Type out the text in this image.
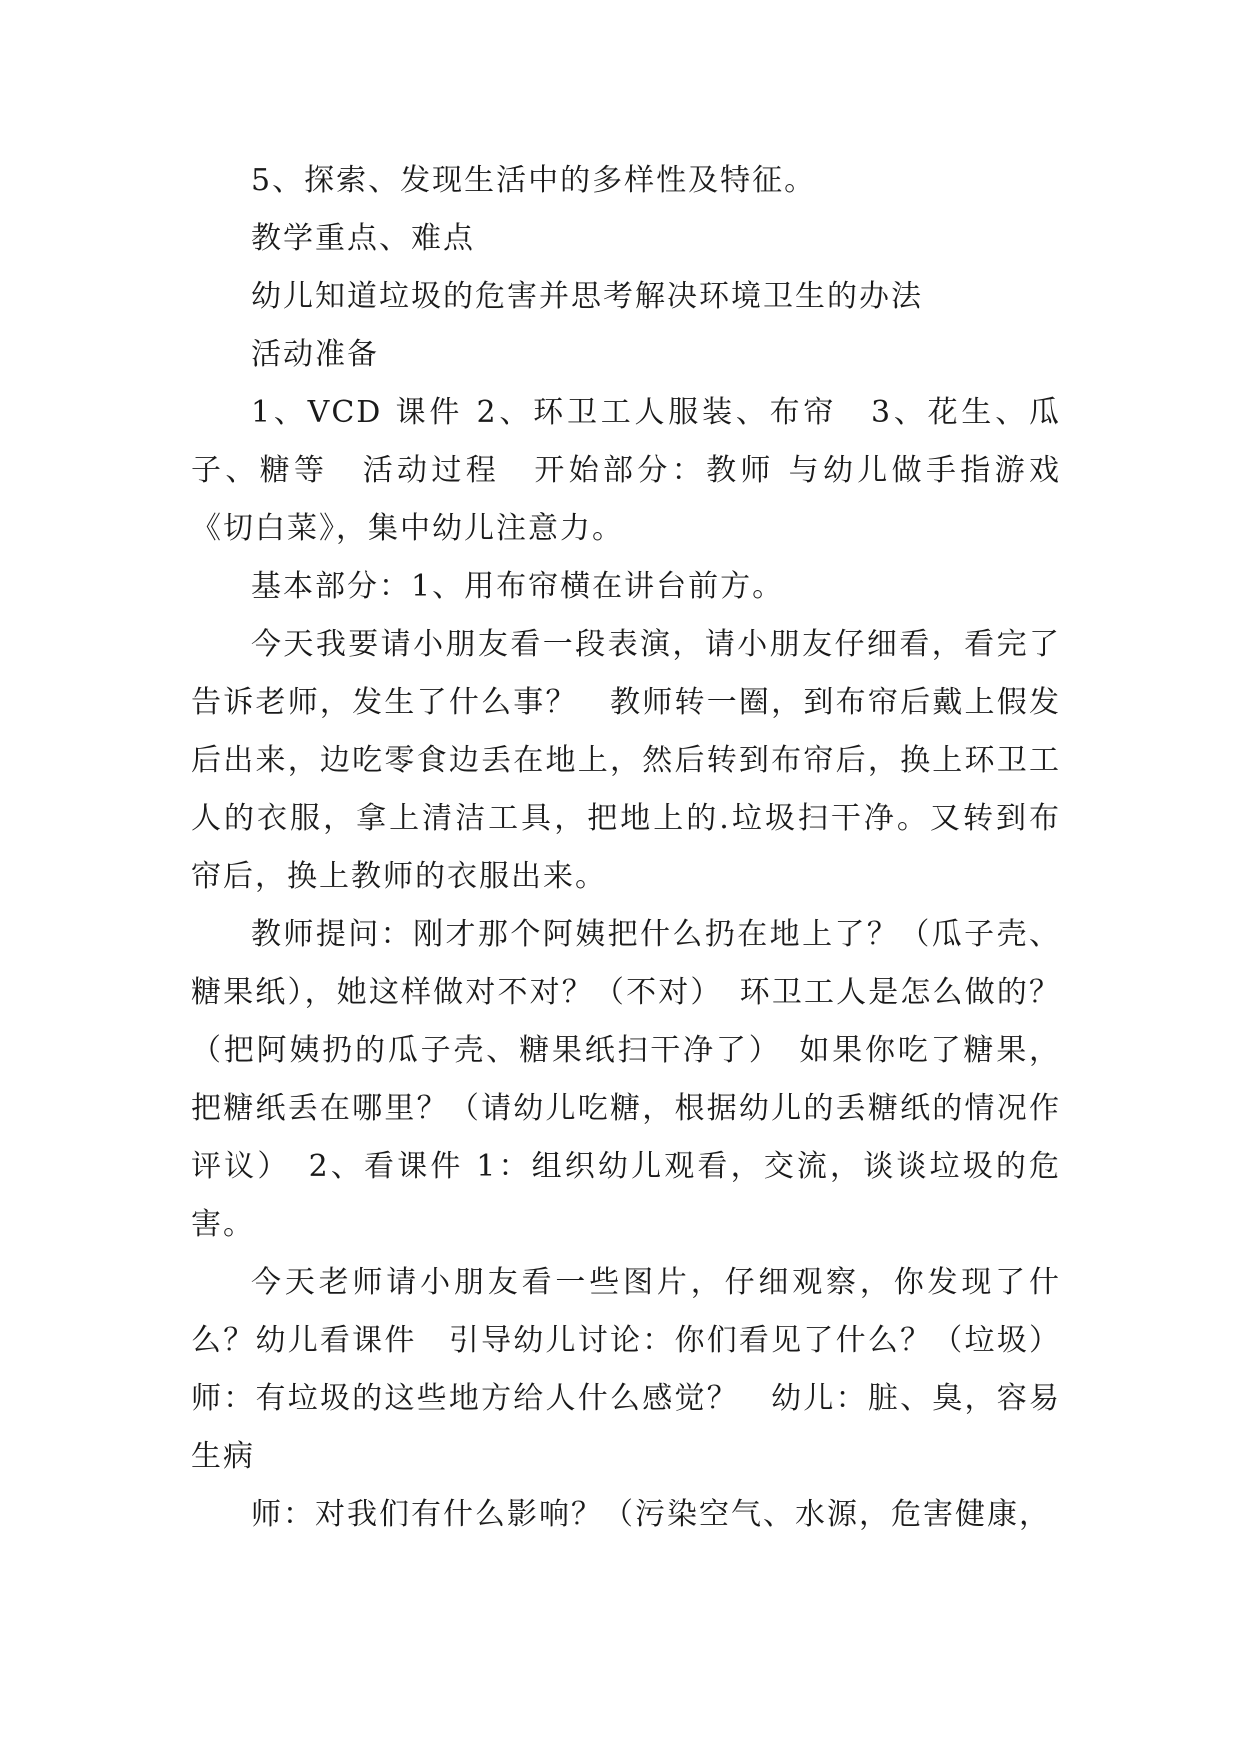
5、探索、发现生活中的多样性及特征。

教学重点、难点

幼儿知道垃圾的危害并思考解决环境卫生的办法

活动准备

1、VCD 课件 2、环卫工人服装、布帘　3、花生、瓜子、糖等　活动过程　开始部分：教师 与幼儿做手指游戏《切白菜》，集中幼儿注意力。

基本部分：1、用布帘横在讲台前方。

今天我要请小朋友看一段表演，请小朋友仔细看，看完了告诉老师，发生了什么事？　教师转一圈，到布帘后戴上假发后出来，边吃零食边丢在地上，然后转到布帘后，换上环卫工人的衣服，拿上清洁工具，把地上的.垃圾扫干净。又转到布帘后，换上教师的衣服出来。

教师提问：刚才那个阿姨把什么扔在地上了？（瓜子壳、糖果纸），她这样做对不对？（不对）　环卫工人是怎么做的？（把阿姨扔的瓜子壳、糖果纸扫干净了）　如果你吃了糖果，把糖纸丢在哪里？（请幼儿吃糖，根据幼儿的丢糖纸的情况作评议）　2、看课件 1：组织幼儿观看，交流，谈谈垃圾的危害。

今天老师请小朋友看一些图片，仔细观察，你发现了什么？幼儿看课件　引导幼儿讨论：你们看见了什么？（垃圾）师：有垃圾的这些地方给人什么感觉？　幼儿：脏、臭，容易生病

师：对我们有什么影响？（污染空气、水源，危害健康，
